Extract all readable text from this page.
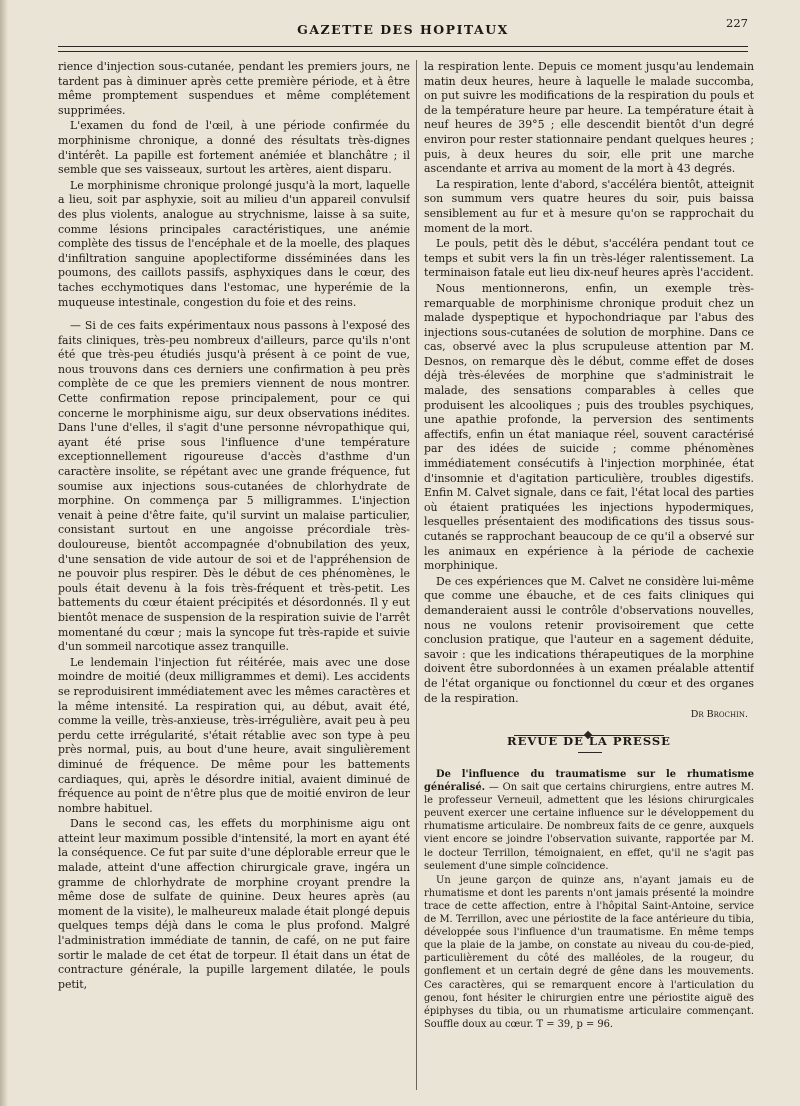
GAZETTE DES HOPITAUX	227

rience d'injection sous-cutanée, pendant les premiers jours, ne tardent pas à diminuer après cette première période, et à être même promptement suspendues et même complétement supprimées.

L'examen du fond de l'œil, à une période confirmée du morphinisme chronique, a donné des résultats très-dignes d'intérêt. La papille est fortement anémiée et blanchâtre ; il semble que ses vaisseaux, surtout les artères, aient disparu.

Le morphinisme chronique prolongé jusqu'à la mort, laquelle a lieu, soit par asphyxie, soit au milieu d'un appareil convulsif des plus violents, analogue au strychnisme, laisse à sa suite, comme lésions principales caractéristiques, une anémie complète des tissus de l'encéphale et de la moelle, des plaques d'infiltration sanguine apoplectiforme disséminées dans les poumons, des caillots passifs, asphyxiques dans le cœur, des taches ecchymotiques dans l'estomac, une hyperémie de la muqueuse intestinale, congestion du foie et des reins.

— Si de ces faits expérimentaux nous passons à l'exposé des faits cliniques, très-peu nombreux d'ailleurs, parce qu'ils n'ont été que très-peu étudiés jusqu'à présent à ce point de vue, nous trouvons dans ces derniers une confirmation à peu près complète de ce que les premiers viennent de nous montrer. Cette confirmation repose principalement, pour ce qui concerne le morphinisme aigu, sur deux observations inédites. Dans l'une d'elles, il s'agit d'une personne névropathique qui, ayant été prise sous l'influence d'une température exceptionnellement rigoureuse d'accès d'asthme d'un caractère insolite, se répétant avec une grande fréquence, fut soumise aux injections sous-cutanées de chlorhydrate de morphine. On commença par 5 milligrammes. L'injection venait à peine d'être faite, qu'il survint un malaise particulier, consistant surtout en une angoisse précordiale très-douloureuse, bientôt accompagnée d'obnubilation des yeux, d'une sensation de vide autour de soi et de l'appréhension de ne pouvoir plus respirer. Dès le début de ces phénomènes, le pouls était devenu à la fois très-fréquent et très-petit. Les battements du cœur étaient précipités et désordonnés. Il y eut bientôt menace de suspension de la respiration suivie de l'arrêt momentané du cœur ; mais la syncope fut très-rapide et suivie d'un sommeil narcotique assez tranquille.

Le lendemain l'injection fut réitérée, mais avec une dose moindre de moitié (deux milligrammes et demi). Les accidents se reproduisirent immédiatement avec les mêmes caractères et la même intensité. La respiration qui, au début, avait été, comme la veille, très-anxieuse, très-irrégulière, avait peu à peu perdu cette irrégularité, s'était rétablie avec son type à peu près normal, puis, au bout d'une heure, avait singulièrement diminué de fréquence. De même pour les battements cardiaques, qui, après le désordre initial, avaient diminué de fréquence au point de n'être plus que de moitié environ de leur nombre habituel.

Dans le second cas, les effets du morphinisme aigu ont atteint leur maximum possible d'intensité, la mort en ayant été la conséquence. Ce fut par suite d'une déplorable erreur que le malade, atteint d'une affection chirurgicale grave, ingéra un gramme de chlorhydrate de morphine croyant prendre la même dose de sulfate de quinine. Deux heures après (au moment de la visite), le malheureux malade était plongé depuis quelques temps déjà dans le coma le plus profond. Malgré l'administration immédiate de tannin, de café, on ne put faire sortir le malade de cet état de torpeur. Il était dans un état de contracture générale, la pupille largement dilatée, le pouls petit,

la respiration lente. Depuis ce moment jusqu'au lendemain matin deux heures, heure à laquelle le malade succomba, on put suivre les modifications de la respiration du pouls et de la température heure par heure. La température était à neuf heures de 39°5 ; elle descendit bientôt d'un degré environ pour rester stationnaire pendant quelques heures ; puis, à deux heures du soir, elle prit une marche ascendante et arriva au moment de la mort à 43 degrés.

La respiration, lente d'abord, s'accéléra bientôt, atteignit son summum vers quatre heures du soir, puis baissa sensiblement au fur et à mesure qu'on se rapprochait du moment de la mort.

Le pouls, petit dès le début, s'accéléra pendant tout ce temps et subit vers la fin un très-léger ralentissement. La terminaison fatale eut lieu dix-neuf heures après l'accident.

Nous mentionnerons, enfin, un exemple très-remarquable de morphinisme chronique produit chez un malade dyspeptique et hypochondriaque par l'abus des injections sous-cutanées de solution de morphine. Dans ce cas, observé avec la plus scrupuleuse attention par M. Desnos, on remarque dès le début, comme effet de doses déjà très-élevées de morphine que s'administrait le malade, des sensations comparables à celles que produisent les alcooliques ; puis des troubles psychiques, une apathie profonde, la perversion des sentiments affectifs, enfin un état maniaque réel, souvent caractérisé par des idées de suicide ; comme phénomènes immédiatement consécutifs à l'injection morphinée, état d'insomnie et d'agitation particulière, troubles digestifs. Enfin M. Calvet signale, dans ce fait, l'état local des parties où étaient pratiquées les injections hypodermiques, lesquelles présentaient des modifications des tissus sous-cutanés se rapprochant beaucoup de ce qu'il a observé sur les animaux en expérience à la période de cachexie morphinique.

De ces expériences que M. Calvet ne considère lui-même que comme une ébauche, et de ces faits cliniques qui demanderaient aussi le contrôle d'observations nouvelles, nous ne voulons retenir provisoirement que cette conclusion pratique, que l'auteur en a sagement déduite, savoir : que les indications thérapeutiques de la morphine doivent être subordonnées à un examen préalable attentif de l'état organique ou fonctionnel du cœur et des organes de la respiration.

Dr Brochin.
REVUE DE LA PRESSE

De l'influence du traumatisme sur le rhumatisme généralisé. — On sait que certains chirurgiens, entre autres M. le professeur Verneuil, admettent que les lésions chirurgicales peuvent exercer une certaine influence sur le développement du rhumatisme articulaire. De nombreux faits de ce genre, auxquels vient encore se joindre l'observation suivante, rapportée par M. le docteur Terrillon, témoignaient, en effet, qu'il ne s'agit pas seulement d'une simple coïncidence.

Un jeune garçon de quinze ans, n'ayant jamais eu de rhumatisme et dont les parents n'ont jamais présenté la moindre trace de cette affection, entre à l'hôpital Saint-Antoine, service de M. Terrillon, avec une périostite de la face antérieure du tibia, développée sous l'influence d'un traumatisme. En même temps que la plaie de la jambe, on constate au niveau du cou-de-pied, particulièrement du côté des malléoles, de la rougeur, du gonflement et un certain degré de gêne dans les mouvements. Ces caractères, qui se remarquent encore à l'articulation du genou, font hésiter le chirurgien entre une périostite aiguë des épiphyses du tibia, ou un rhumatisme articulaire commençant. Souffle doux au cœur. T = 39, p = 96.
